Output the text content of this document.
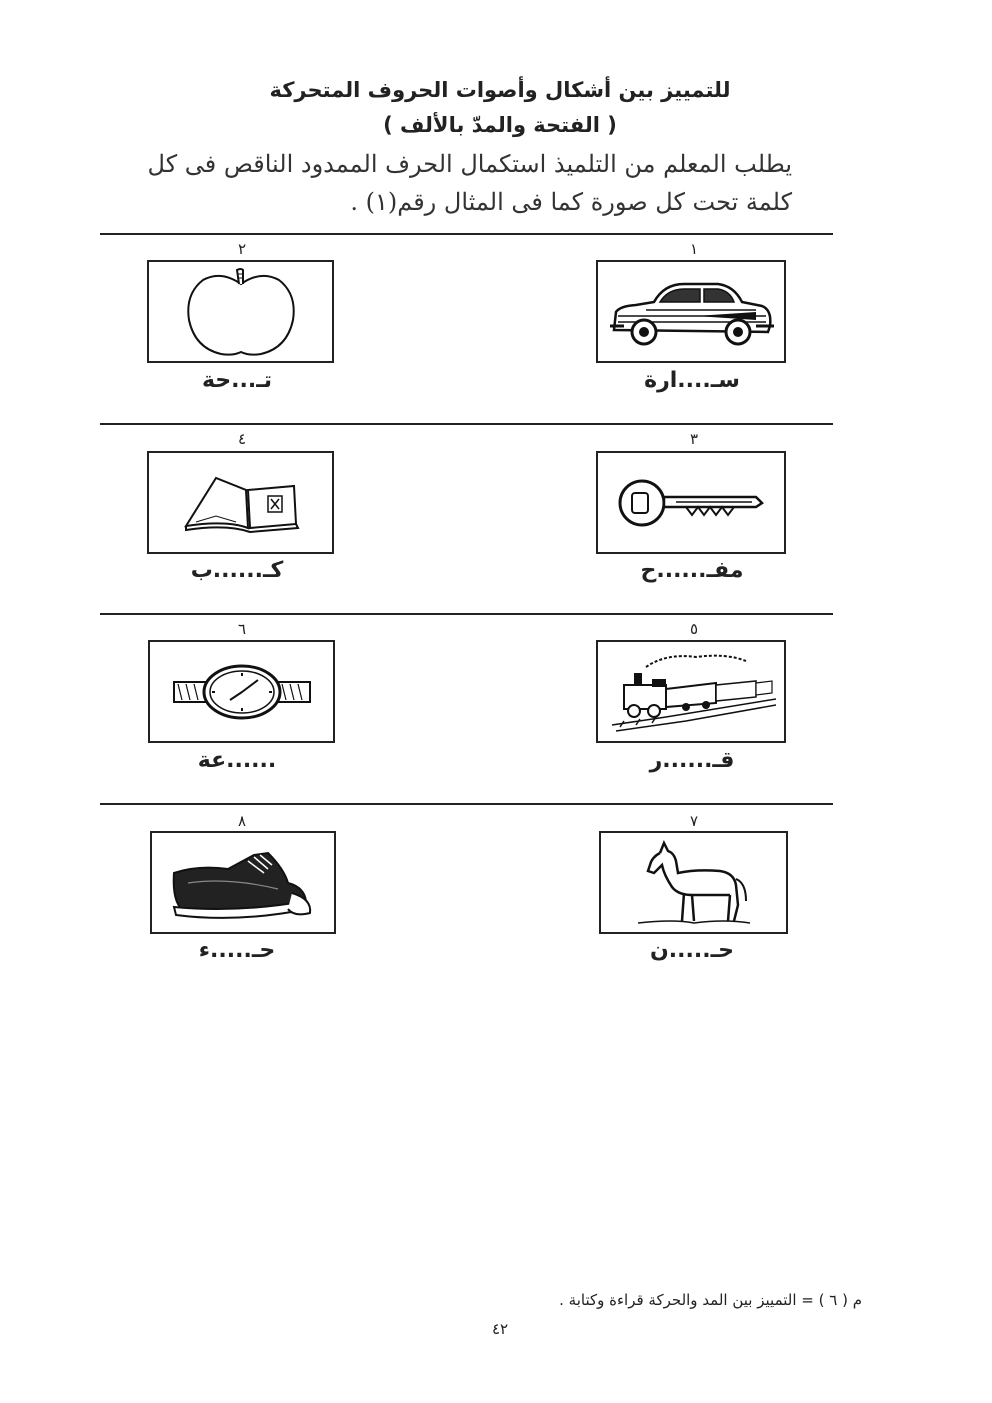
للتمييز بين أشكال وأصوات الحروف المتحركة
( الفتحة والمدّ بالألف )
يطلب المعلم من التلميذ استكمال الحرف الممدود الناقص فى كل
كلمة تحت كل صورة كما فى المثال رقم(١) .
١
سـ....ارة
٢
تـ...حة
٣
مفـ......ح
٤
كـ......ب
٥
قـ......ر
٦
......عة
٧
حـ.....ن
٨
حـ.....ء
م ( ٦ ) = التمييز بين المد والحركة قراءة وكتابة .
٤٢
